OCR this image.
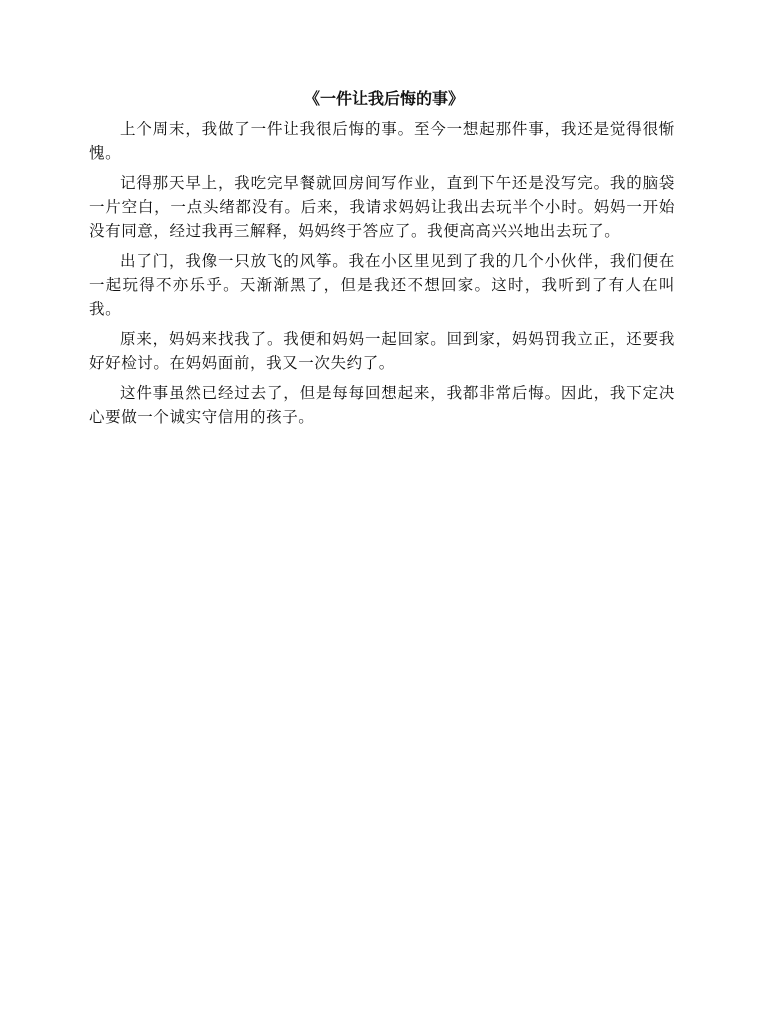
《一件让我后悔的事》

上个周末，我做了一件让我很后悔的事。至今一想起那件事，我还是觉得很惭愧。

记得那天早上，我吃完早餐就回房间写作业，直到下午还是没写完。我的脑袋一片空白，一点头绪都没有。后来，我请求妈妈让我出去玩半个小时。妈妈一开始没有同意，经过我再三解释，妈妈终于答应了。我便高高兴兴地出去玩了。

出了门，我像一只放飞的风筝。我在小区里见到了我的几个小伙伴，我们便在一起玩得不亦乐乎。天渐渐黑了，但是我还不想回家。这时，我听到了有人在叫我。

原来，妈妈来找我了。我便和妈妈一起回家。回到家，妈妈罚我立正，还要我好好检讨。在妈妈面前，我又一次失约了。

这件事虽然已经过去了，但是每每回想起来，我都非常后悔。因此，我下定决心要做一个诚实守信用的孩子。
